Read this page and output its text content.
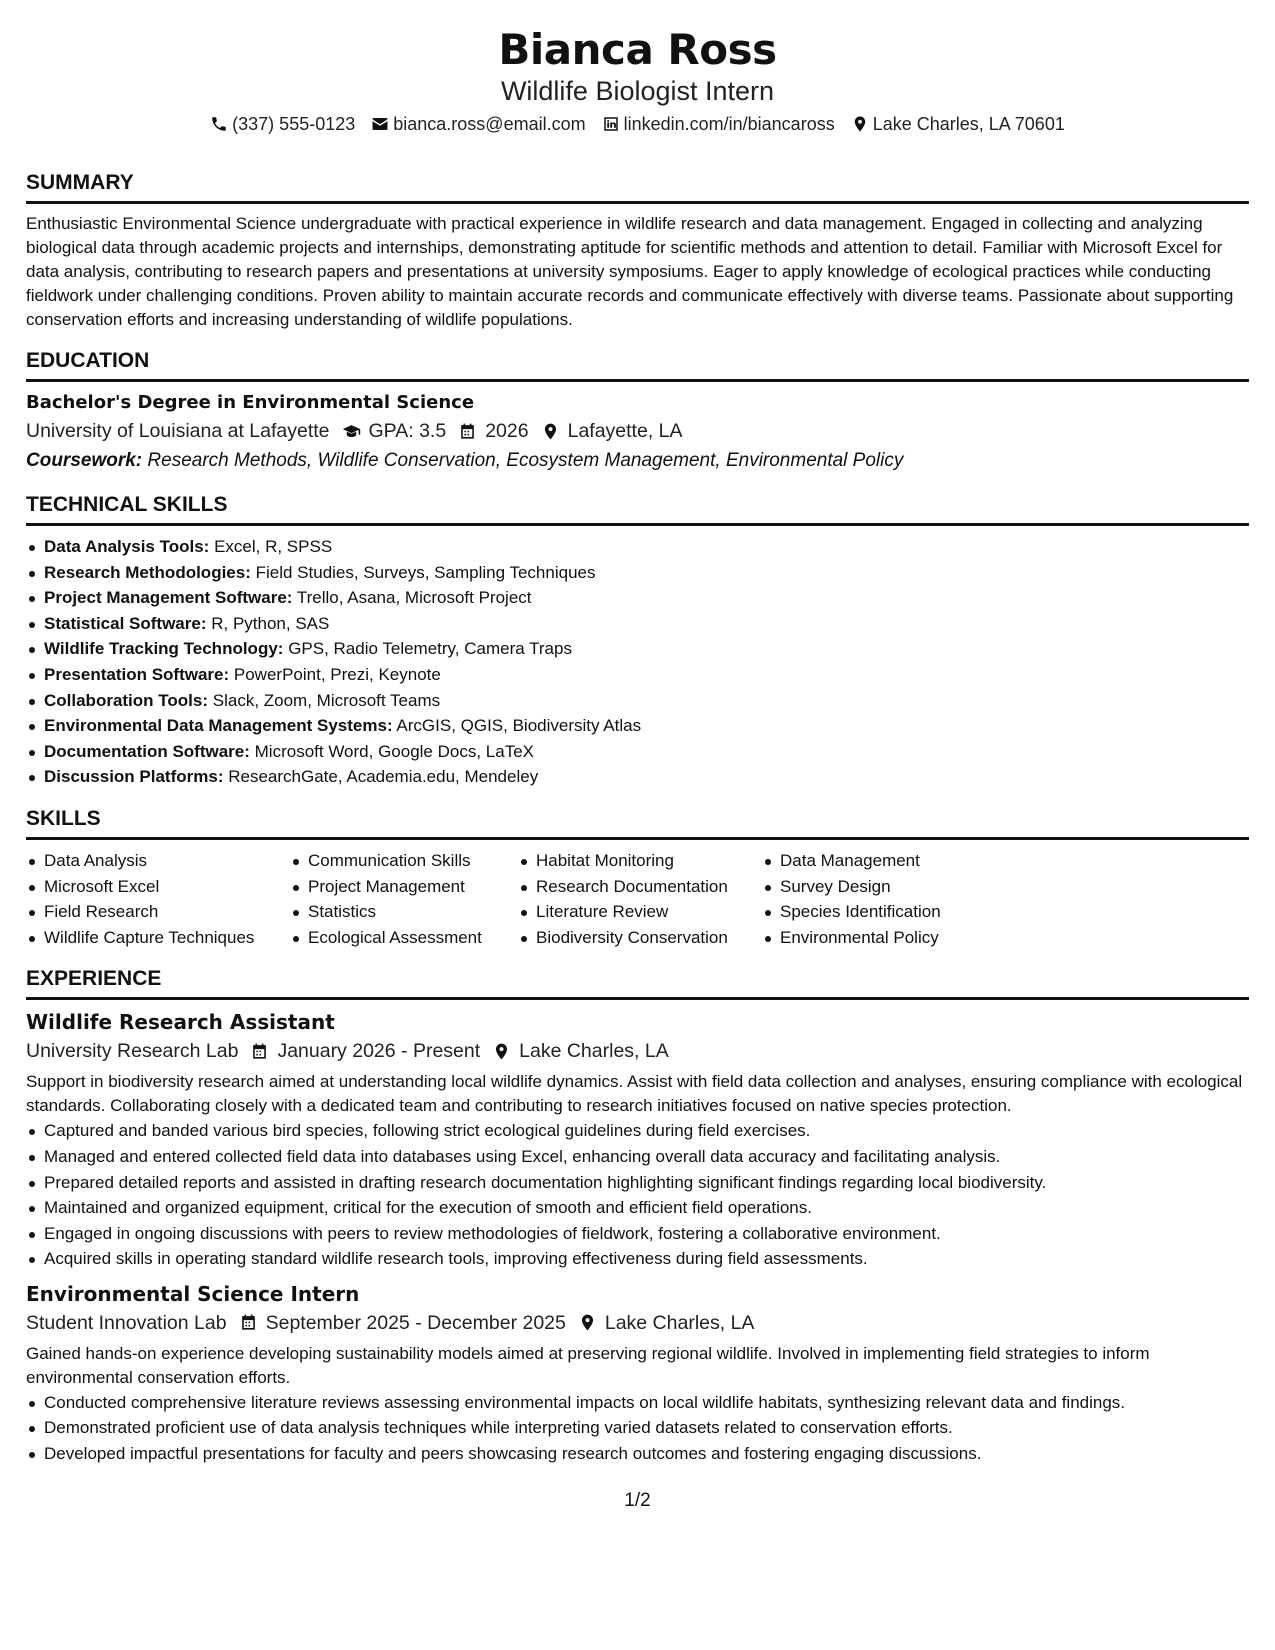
Bianca Ross
Wildlife Biologist Intern
(337) 555-0123 bianca.ross@email.com linkedin.com/in/biancaross Lake Charles, LA 70601
SUMMARY

Enthusiastic Environmental Science undergraduate with practical experience in wildlife research and data management. Engaged in collecting and analyzing biological data through academic projects and internships, demonstrating aptitude for scientific methods and attention to detail. Familiar with Microsoft Excel for data analysis, contributing to research papers and presentations at university symposiums. Eager to apply knowledge of ecological practices while conducting fieldwork under challenging conditions. Proven ability to maintain accurate records and communicate effectively with diverse teams. Passionate about supporting conservation efforts and increasing understanding of wildlife populations.

EDUCATION
Bachelor's Degree in Environmental Science
University of Louisiana at Lafayette GPA: 3.5 2026 Lafayette, LA
Coursework: Research Methods, Wildlife Conservation, Ecosystem Management, Environmental Policy
TECHNICAL SKILLS
Data Analysis Tools: Excel, R, SPSS
Research Methodologies: Field Studies, Surveys, Sampling Techniques
Project Management Software: Trello, Asana, Microsoft Project
Statistical Software: R, Python, SAS
Wildlife Tracking Technology: GPS, Radio Telemetry, Camera Traps
Presentation Software: PowerPoint, Prezi, Keynote
Collaboration Tools: Slack, Zoom, Microsoft Teams
Environmental Data Management Systems: ArcGIS, QGIS, Biodiversity Atlas
Documentation Software: Microsoft Word, Google Docs, LaTeX
Discussion Platforms: ResearchGate, Academia.edu, Mendeley
SKILLS
Data Analysis
Microsoft Excel
Field Research
Wildlife Capture Techniques
Communication Skills
Project Management
Statistics
Ecological Assessment
Habitat Monitoring
Research Documentation
Literature Review
Biodiversity Conservation
Data Management
Survey Design
Species Identification
Environmental Policy
EXPERIENCE
Wildlife Research Assistant
University Research Lab January 2026 - Present Lake Charles, LA

Support in biodiversity research aimed at understanding local wildlife dynamics. Assist with field data collection and analyses, ensuring compliance with ecological standards. Collaborating closely with a dedicated team and contributing to research initiatives focused on native species protection.

Captured and banded various bird species, following strict ecological guidelines during field exercises.
Managed and entered collected field data into databases using Excel, enhancing overall data accuracy and facilitating analysis.
Prepared detailed reports and assisted in drafting research documentation highlighting significant findings regarding local biodiversity.
Maintained and organized equipment, critical for the execution of smooth and efficient field operations.
Engaged in ongoing discussions with peers to review methodologies of fieldwork, fostering a collaborative environment.
Acquired skills in operating standard wildlife research tools, improving effectiveness during field assessments.
Environmental Science Intern
Student Innovation Lab September 2025 - December 2025 Lake Charles, LA

Gained hands-on experience developing sustainability models aimed at preserving regional wildlife. Involved in implementing field strategies to inform environmental conservation efforts.

Conducted comprehensive literature reviews assessing environmental impacts on local wildlife habitats, synthesizing relevant data and findings.
Demonstrated proficient use of data analysis techniques while interpreting varied datasets related to conservation efforts.
Developed impactful presentations for faculty and peers showcasing research outcomes and fostering engaging discussions.
1/2
